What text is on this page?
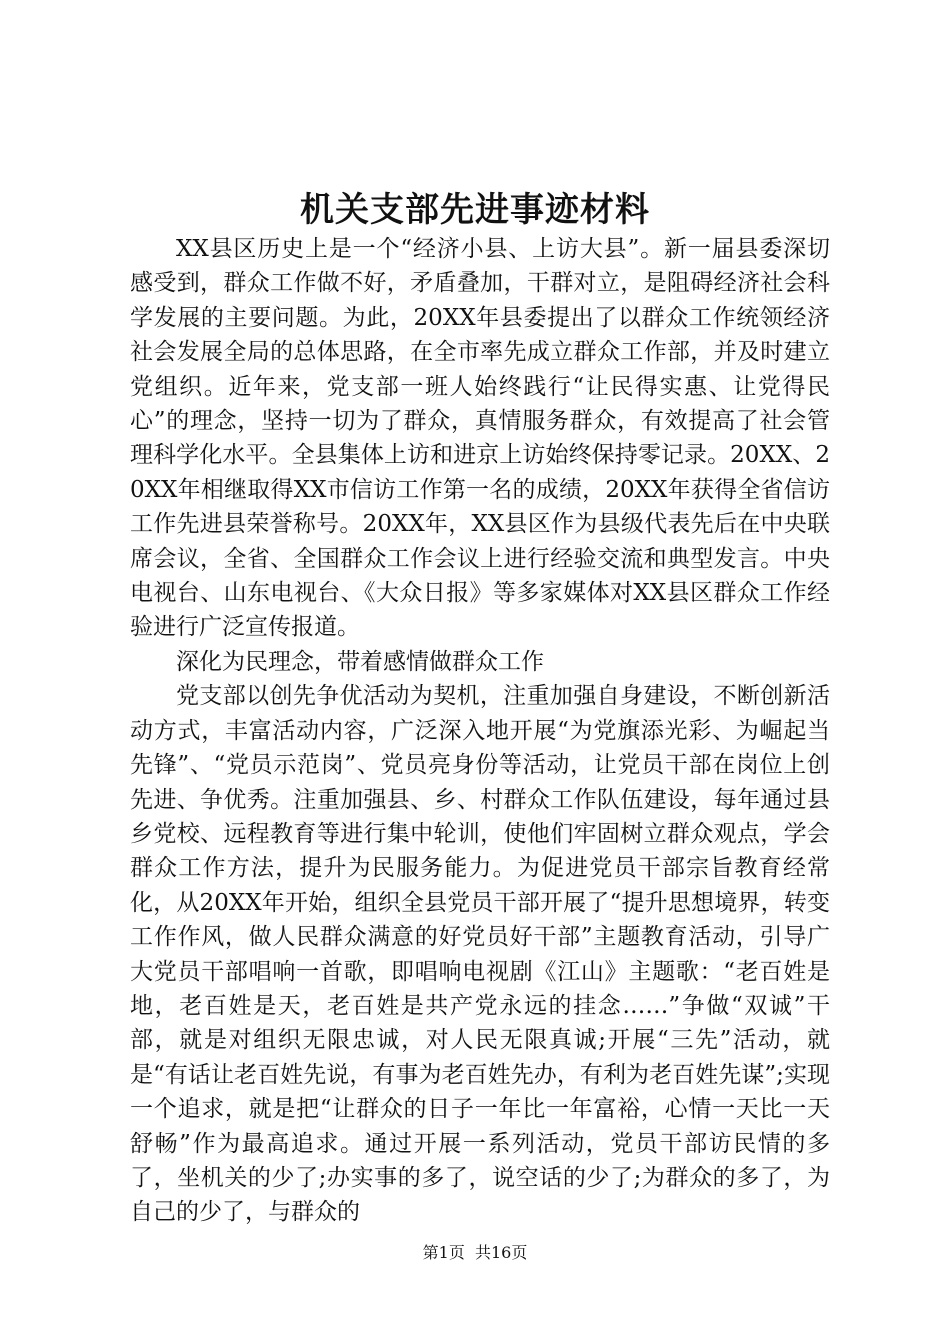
机关支部先进事迹材料

XX县区历史上是一个“经济小县、上访大县”。新一届县委深切感受到，群众工作做不好，矛盾叠加，干群对立，是阻碍经济社会科学发展的主要问题。为此，20XX年县委提出了以群众工作统领经济社会发展全局的总体思路，在全市率先成立群众工作部，并及时建立党组织。近年来，党支部一班人始终践行“让民得实惠、让党得民心”的理念，坚持一切为了群众，真情服务群众，有效提高了社会管理科学化水平。全县集体上访和进京上访始终保持零记录。20XX、20XX年相继取得XX市信访工作第一名的成绩，20XX年获得全省信访工作先进县荣誉称号。20XX年，XX县区作为县级代表先后在中央联席会议，全省、全国群众工作会议上进行经验交流和典型发言。中央电视台、山东电视台、《大众日报》等多家媒体对XX县区群众工作经验进行广泛宣传报道。

深化为民理念，带着感情做群众工作

党支部以创先争优活动为契机，注重加强自身建设，不断创新活动方式，丰富活动内容，广泛深入地开展“为党旗添光彩、为崛起当先锋”、“党员示范岗”、党员亮身份等活动，让党员干部在岗位上创先进、争优秀。注重加强县、乡、村群众工作队伍建设，每年通过县乡党校、远程教育等进行集中轮训，使他们牢固树立群众观点，学会群众工作方法，提升为民服务能力。为促进党员干部宗旨教育经常化，从20XX年开始，组织全县党员干部开展了“提升思想境界，转变工作作风，做人民群众满意的好党员好干部”主题教育活动，引导广大党员干部唱响一首歌，即唱响电视剧《江山》主题歌：“老百姓是地，老百姓是天，老百姓是共产党永远的挂念……”争做“双诚”干部，就是对组织无限忠诚，对人民无限真诚;开展“三先”活动，就是“有话让老百姓先说，有事为老百姓先办，有利为老百姓先谋”;实现一个追求，就是把“让群众的日子一年比一年富裕，心情一天比一天舒畅”作为最高追求。通过开展一系列活动，党员干部访民情的多了，坐机关的少了;办实事的多了，说空话的少了;为群众的多了，为自己的少了，与群众的

第1页  共16页
